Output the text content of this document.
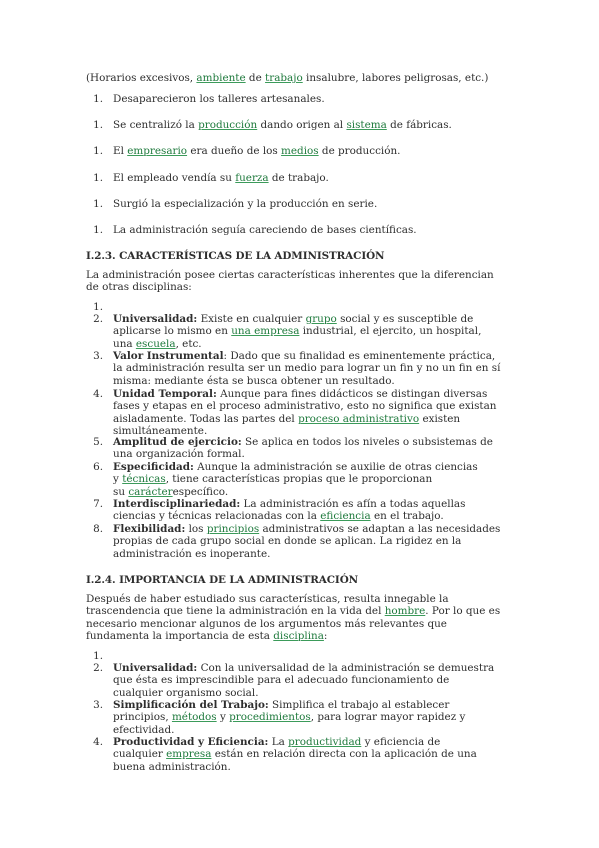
(Horarios excesivos, ambiente de trabajo insalubre, labores peligrosas, etc.)
1. Desaparecieron los talleres artesanales.
1. Se centralizó la producción dando origen al sistema de fábricas.
1. El empresario era dueño de los medios de producción.
1. El empleado vendía su fuerza de trabajo.
1. Surgió la especialización y la producción en serie.
1. La administración seguía careciendo de bases científicas.
I.2.3. CARACTERÍSTICAS DE LA ADMINISTRACIÓN
La administración posee ciertas características inherentes que la diferencian
de otras disciplinas:
1.
2. Universalidad: Existe en cualquier grupo social y es susceptible de
aplicarse lo mismo en una empresa industrial, el ejercito, un hospital,
una escuela, etc.
3. Valor Instrumental: Dado que su finalidad es eminentemente práctica,
la administración resulta ser un medio para lograr un fin y no un fin en sí
misma: mediante ésta se busca obtener un resultado.
4. Unidad Temporal: Aunque para fines didácticos se distingan diversas
fases y etapas en el proceso administrativo, esto no significa que existan
aisladamente. Todas las partes del proceso administrativo existen
simultáneamente.
5. Amplitud de ejercicio: Se aplica en todos los niveles o subsistemas de
una organización formal.
6. Especificidad: Aunque la administración se auxilie de otras ciencias
y técnicas, tiene características propias que le proporcionan
su carácterespecífico.
7. Interdisciplinariedad: La administración es afín a todas aquellas
ciencias y técnicas relacionadas con la eficiencia en el trabajo.
8. Flexibilidad: los principios administrativos se adaptan a las necesidades
propias de cada grupo social en donde se aplican. La rigidez en la
administración es inoperante.
I.2.4. IMPORTANCIA DE LA ADMINISTRACIÓN
Después de haber estudiado sus características, resulta innegable la
trascendencia que tiene la administración en la vida del hombre. Por lo que es
necesario mencionar algunos de los argumentos más relevantes que
fundamenta la importancia de esta disciplina:
1.
2. Universalidad: Con la universalidad de la administración se demuestra
que ésta es imprescindible para el adecuado funcionamiento de
cualquier organismo social.
3. Simplificación del Trabajo: Simplifica el trabajo al establecer
principios, métodos y procedimientos, para lograr mayor rapidez y
efectividad.
4. Productividad y Eficiencia: La productividad y eficiencia de
cualquier empresa están en relación directa con la aplicación de una
buena administración.
